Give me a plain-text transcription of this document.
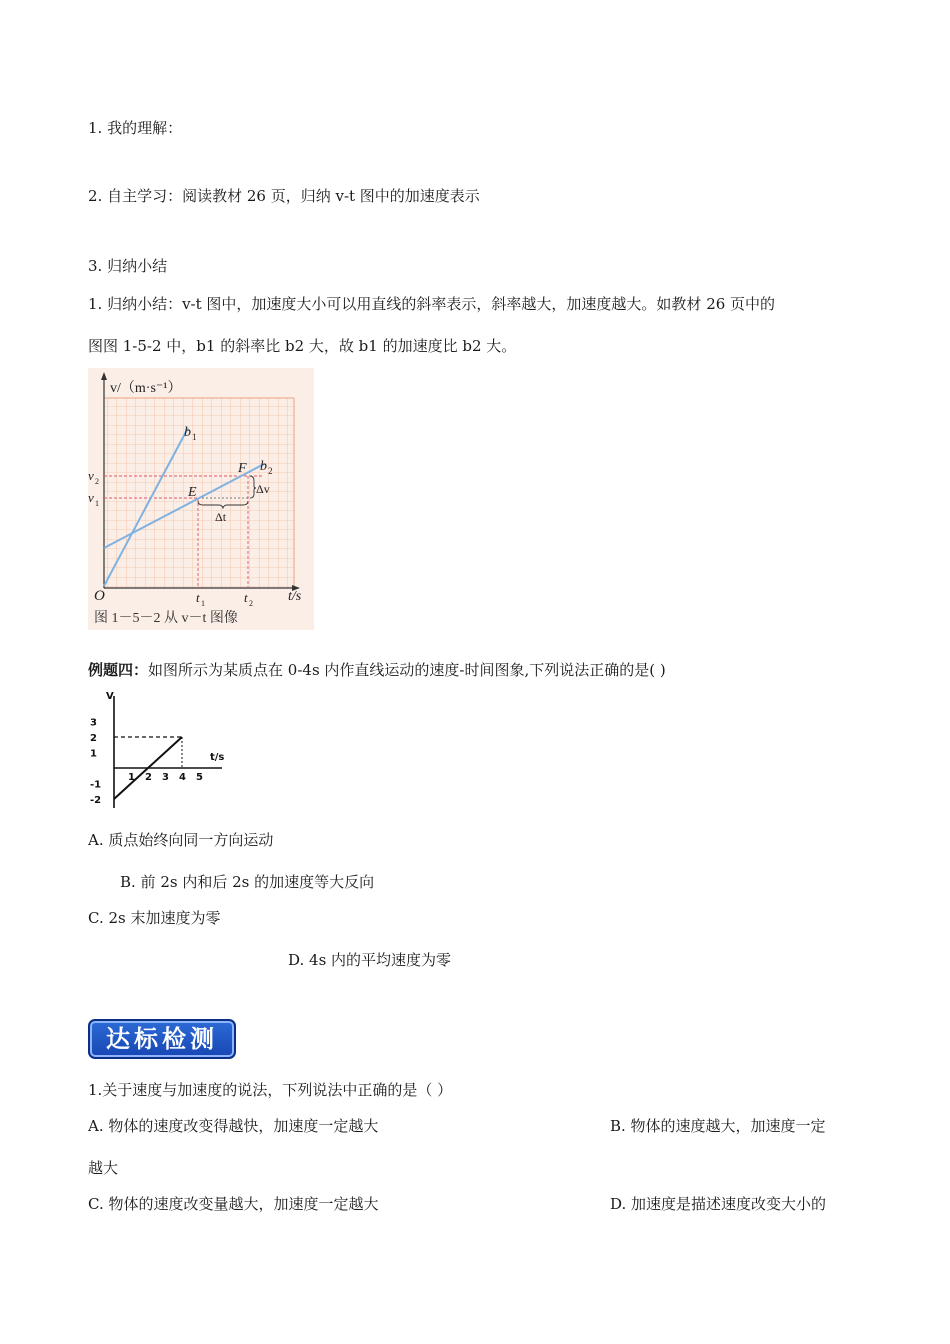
1. 我的理解：
2. 自主学习：阅读教材 26 页，归纳 v-t 图中的加速度表示
3. 归纳小结
1. 归纳小结：v-t 图中，加速度大小可以用直线的斜率表示，斜率越大，加速度越大。如教材 26 页中的
图图 1-5-2 中，b1 的斜率比 b2 大，故 b1 的加速度比 b2 大。
v/（m·s⁻¹）
t/s
O
b 1
b 2
E
F
Δv
Δt
v 2
v 1
t 1	t 2
图 1－5－2 从 v－t 图像
例题四：如图所示为某质点在 0-4s 内作直线运动的速度-时间图象,下列说法正确的是( )
3
2
1
-1
-2
1 2 3 4 5
V
t/s
A. 质点始终向同一方向运动
B. 前 2s 内和后 2s 的加速度等大反向
C. 2s 末加速度为零
D. 4s 内的平均速度为零
达标检测
1.关于速度与加速度的说法，下列说法中正确的是（ ）
A. 物体的速度改变得越快，加速度一定越大	B. 物体的速度越大，加速度一定
越大
C. 物体的速度改变量越大，加速度一定越大	D. 加速度是描述速度改变大小的
